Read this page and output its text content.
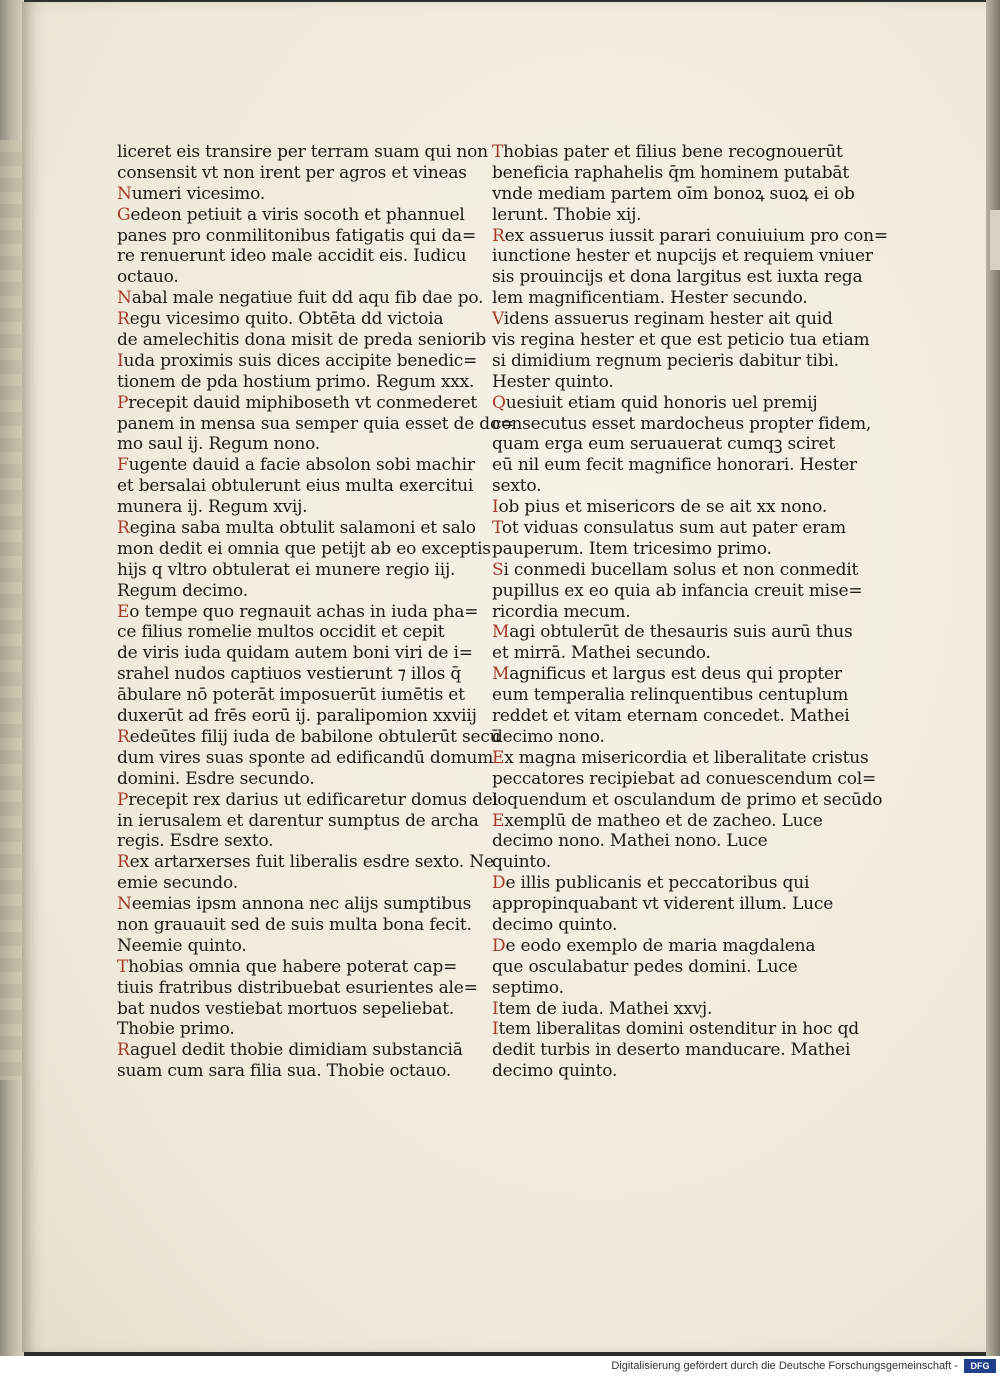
liceret eis transire per terram suam qui non
consensit vt non irent per agros et vineas
Numeri vicesimo.
Gedeon petiuit a viris socoth et phannuel
panes pro conmilitonibus fatigatis qui da=
re renuerunt ideo male accidit eis. Iudicu
octauo.
Nabal male negatiue fuit dd aqu fib dae po.
Regu vicesimo quito. Obtēta dd victoia
de amelechitis dona misit de preda seniorib
Iuda proximis suis dices accipite benedic=
tionem de pda hostium primo. Regum xxx.
Precepit dauid miphiboseth vt conmederet
panem in mensa sua semper quia esset de do=
mo saul ij. Regum nono.
Fugente dauid a facie absolon sobi machir
et bersalai obtulerunt eius multa exercitui
munera ij. Regum xvij.
Regina saba multa obtulit salamoni et salo
mon dedit ei omnia que petijt ab eo exceptis
hijs q vltro obtulerat ei munere regio iij.
Regum decimo.
Eo tempe quo regnauit achas in iuda pha=
ce filius romelie multos occidit et cepit
de viris iuda quidam autem boni viri de i=
srahel nudos captiuos vestierunt ⁊ illos q̄
ābulare nō poterāt imposuerūt iumētis et
duxerūt ad frēs eorū ij. paralipomion xxviij
Redeūtes filij iuda de babilone obtulerūt secū
dum vires suas sponte ad edificandū domum
domini. Esdre secundo.
Precepit rex darius ut edificaretur domus dei
in ierusalem et darentur sumptus de archa
regis. Esdre sexto.
Rex artarxerses fuit liberalis esdre sexto. Ne
emie secundo.
Neemias ipsm annona nec alijs sumptibus
non grauauit sed de suis multa bona fecit.
Neemie quinto.
Thobias omnia que habere poterat cap=
tiuis fratribus distribuebat esurientes ale=
bat nudos vestiebat mortuos sepeliebat.
Thobie primo.
Raguel dedit thobie dimidiam substanciā
suam cum sara filia sua. Thobie octauo.
Thobias pater et filius bene recognouerūt
beneficia raphahelis q̄m hominem putabāt
vnde mediam partem oīm bonoꝝ suoꝝ ei ob
lerunt. Thobie xij.
Rex assuerus iussit parari conuiuium pro con=
iunctione hester et nupcijs et requiem vniuer
sis prouincijs et dona largitus est iuxta rega
lem magnificentiam. Hester secundo.
Videns assuerus reginam hester ait quid
vis regina hester et que est peticio tua etiam
si dimidium regnum pecieris dabitur tibi.
Hester quinto.
Quesiuit etiam quid honoris uel premij
consecutus esset mardocheus propter fidem,
quam erga eum seruauerat cumqꝫ sciret
eū nil eum fecit magnifice honorari. Hester
sexto.
Iob pius et misericors de se ait xx nono.
Tot viduas consulatus sum aut pater eram
pauperum. Item tricesimo primo.
Si conmedi bucellam solus et non conmedit
pupillus ex eo quia ab infancia creuit mise=
ricordia mecum.
Magi obtulerūt de thesauris suis aurū thus
et mirrā. Mathei secundo.
Magnificus et largus est deus qui propter
eum temperalia relinquentibus centuplum
reddet et vitam eternam concedet. Mathei
decimo nono.
Ex magna misericordia et liberalitate cristus
peccatores recipiebat ad conuescendum col=
loquendum et osculandum de primo et secūdo
Exemplū de matheo et de zacheo. Luce
decimo nono. Mathei nono. Luce
quinto.
De illis publicanis et peccatoribus qui
appropinquabant vt viderent illum. Luce
decimo quinto.
De eodo exemplo de maria magdalena
que osculabatur pedes domini. Luce
septimo.
Item de iuda. Mathei xxvj.
Item liberalitas domini ostenditur in hoc qd
dedit turbis in deserto manducare. Mathei
decimo quinto.
Digitalisierung gefördert durch die Deutsche Forschungsgemeinschaft -	DFG
